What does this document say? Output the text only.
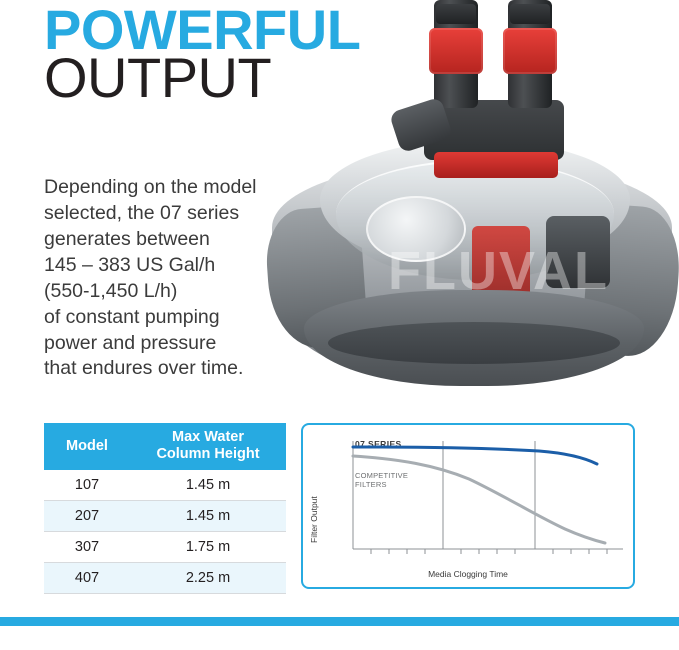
POWERFUL
OUTPUT
Depending on the model
selected, the 07 series
generates between
145 – 383 US Gal/h
(550-1,450 L/h)
of constant pumping
power and pressure
that endures over time.
FLUVAL
Model	Max Water
Column Height

107	1.45 m
207	1.45 m
307	1.75 m
407	2.25 m
07 SERIES
COMPETITIVE
FILTERS
Filter Output
Media Clogging Time
